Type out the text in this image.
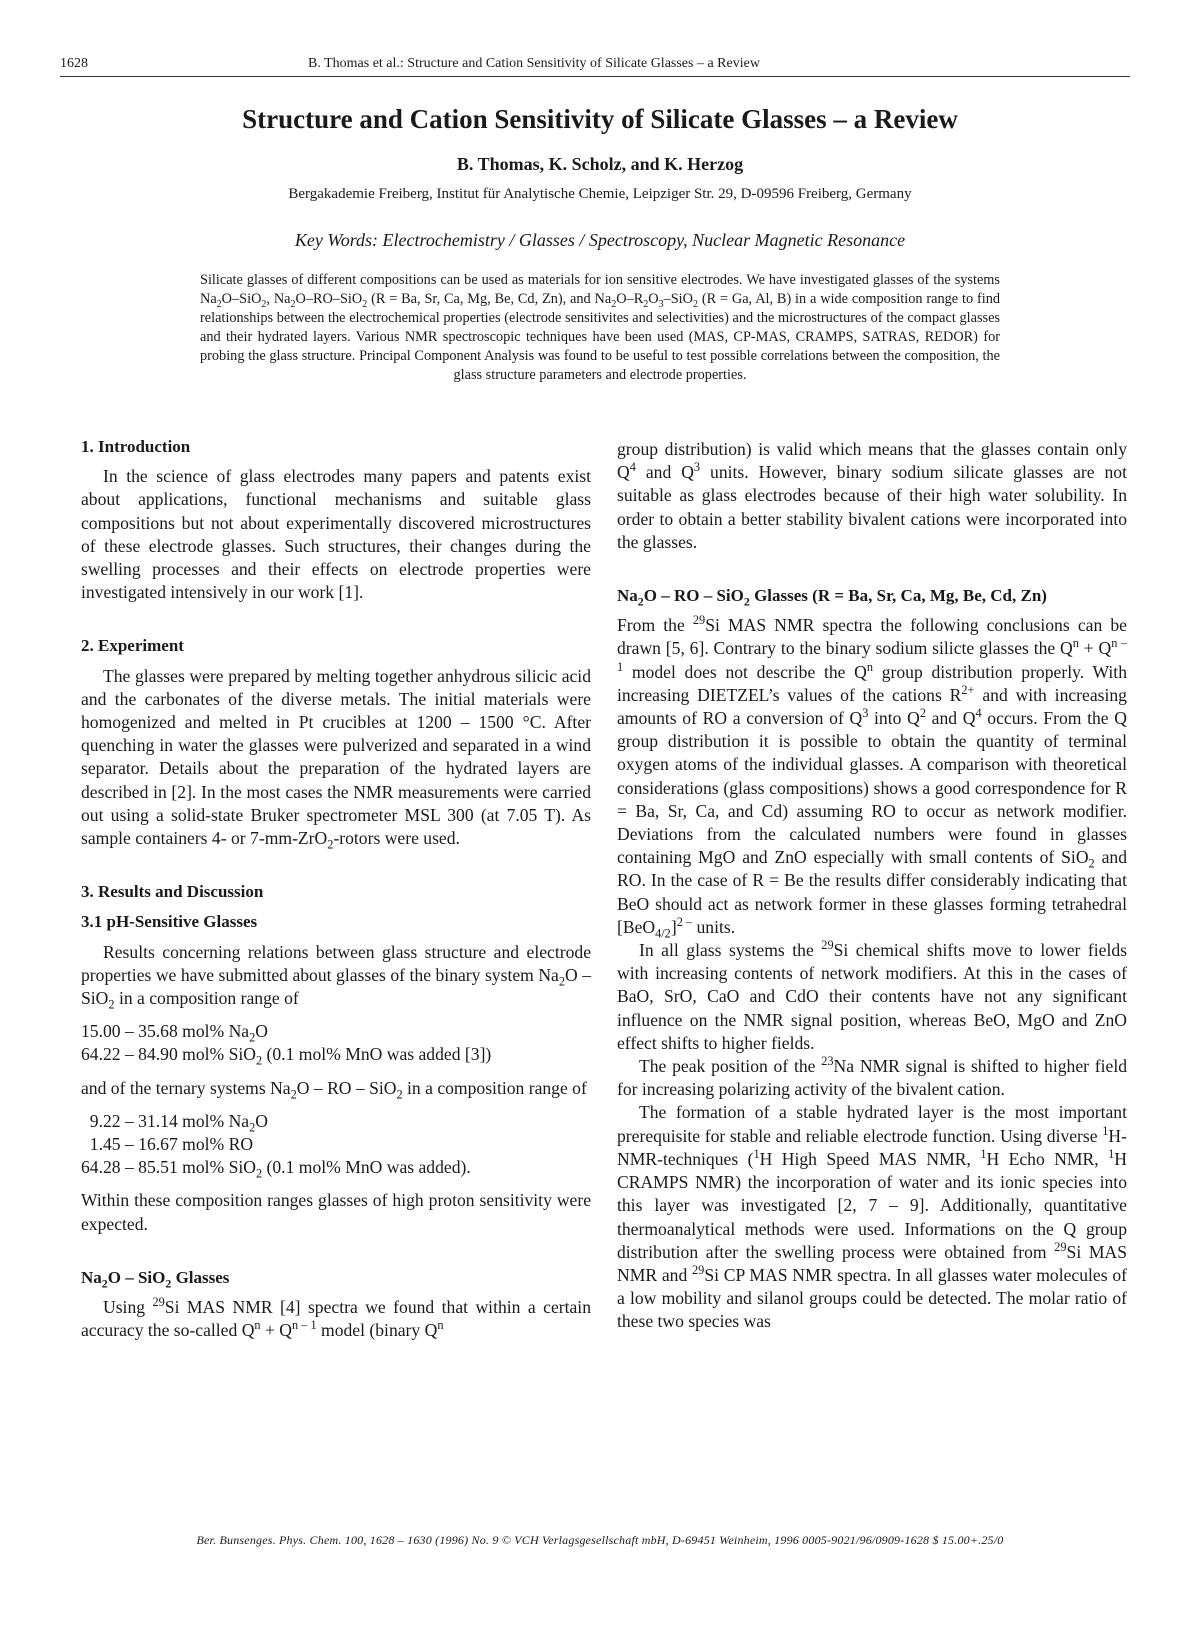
1628	B. Thomas et al.: Structure and Cation Sensitivity of Silicate Glasses – a Review
Structure and Cation Sensitivity of Silicate Glasses – a Review
B. Thomas, K. Scholz, and K. Herzog
Bergakademie Freiberg, Institut für Analytische Chemie, Leipziger Str. 29, D-09596 Freiberg, Germany
Key Words: Electrochemistry / Glasses / Spectroscopy, Nuclear Magnetic Resonance
Silicate glasses of different compositions can be used as materials for ion sensitive electrodes. We have investigated glasses of the systems $Na_2O-SiO_2$, $Na_2O-RO-SiO_2$ (R = Ba, Sr, Ca, Mg, Be, Cd, Zn), and $Na_2O-R_2O_3-SiO_2$ (R = Ga, Al, B) in a wide composition range to find relationships between the electrochemical properties (electrode sensitivites and selectivities) and the microstructures of the compact glasses and their hydrated layers. Various NMR spectroscopic techniques have been used (MAS, CP-MAS, CRAMPS, SATRAS, REDOR) for probing the glass structure. Principal Component Analysis was found to be useful to test possible correlations between the composition, the glass structure parameters and electrode properties.
1. Introduction

In the science of glass electrodes many papers and patents exist about applications, functional mechanisms and suitable glass compositions but not about experimentally discovered microstructures of these electrode glasses. Such structures, their changes during the swelling processes and their effects on electrode properties were investigated intensively in our work [1].

2. Experiment

The glasses were prepared by melting together anhydrous silicic acid and the carbonates of the diverse metals. The initial materials were homogenized and melted in Pt crucibles at 1200 – 1500 °C. After quenching in water the glasses were pulverized and separated in a wind separator. Details about the preparation of the hydrated layers are described in [2]. In the most cases the NMR measurements were carried out using a solid-state Bruker spectrometer MSL 300 (at 7.05 T). As sample containers 4- or 7-mm-ZrO$_2$-rotors were used.

3. Results and Discussion
3.1 pH-Sensitive Glasses

Results concerning relations between glass structure and electrode properties we have submitted about glasses of the binary system $Na_2O - SiO_2$ in a composition range of

15.00 – 35.68 mol% $Na_2O$

64.22 – 84.90 mol% SiO$_2$ (0.1 mol% MnO was added [3])

and of the ternary systems $Na_2O$ – RO – SiO$_2$ in a composition range of

9.22 – 31.14 mol% $Na_2O$

1.45 – 16.67 mol% RO

64.28 – 85.51 mol% SiO$_2$ (0.1 mol% MnO was added).

Within these composition ranges glasses of high proton sensitivity were expected.

$Na_2O - SiO_2$ Glasses

Using $^{29}$Si MAS NMR [4] spectra we found that within a certain accuracy the so-called $Q^n + Q^{n - 1}$ model (binary $Q^n$

group distribution) is valid which means that the glasses contain only $Q^4$ and $Q^3$ units. However, binary sodium silicate glasses are not suitable as glass electrodes because of their high water solubility. In order to obtain a better stability bivalent cations were incorporated into the glasses.

$Na_2O$ – RO – SiO$_2$ Glasses (R = Ba, Sr, Ca, Mg, Be, Cd, Zn)

From the $^{29}$Si MAS NMR spectra the following conclusions can be drawn [5, 6]. Contrary to the binary sodium silicte glasses the $Q^n + Q^{n - 1}$ model does not describe the $Q^n$ group distribution properly. With increasing DIETZEL’s values of the cations $R^{2+}$ and with increasing amounts of RO a conversion of $Q^3$ into $Q^2$ and $Q^4$ occurs. From the Q group distribution it is possible to obtain the quantity of terminal oxygen atoms of the individual glasses. A comparison with theoretical considerations (glass compositions) shows a good correspondence for R = Ba, Sr, Ca, and Cd) assuming RO to occur as network modifier. Deviations from the calculated numbers were found in glasses containing MgO and ZnO especially with small contents of SiO$_2$ and RO. In the case of R = Be the results differ considerably indicating that BeO should act as network former in these glasses forming tetrahedral $[BeO_{4/2}]^{2 -}$ units.

In all glass systems the $^{29}$Si chemical shifts move to lower fields with increasing contents of network modifiers. At this in the cases of BaO, SrO, CaO and CdO their contents have not any significant influence on the NMR signal position, whereas BeO, MgO and ZnO effect shifts to higher fields.

The peak position of the $^{23}$Na NMR signal is shifted to higher field for increasing polarizing activity of the bivalent cation.

The formation of a stable hydrated layer is the most important prerequisite for stable and reliable electrode function. Using diverse $^1$H-NMR-techniques ($^1$H High Speed MAS NMR, $^1$H Echo NMR, $^1$H CRAMPS NMR) the incorporation of water and its ionic species into this layer was investigated [2, 7 – 9]. Additionally, quantitative thermoanalytical methods were used. Informations on the Q group distribution after the swelling process were obtained from $^{29}$Si MAS NMR and $^{29}$Si CP MAS NMR spectra. In all glasses water molecules of a low mobility and silanol groups could be detected. The molar ratio of these two species was

Ber. Bunsenges. Phys. Chem. 100, 1628 – 1630 (1996) No. 9 © VCH Verlagsgesellschaft mbH, D-69451 Weinheim, 1996 0005-9021/96/0909-1628 $ 15.00+.25/0
